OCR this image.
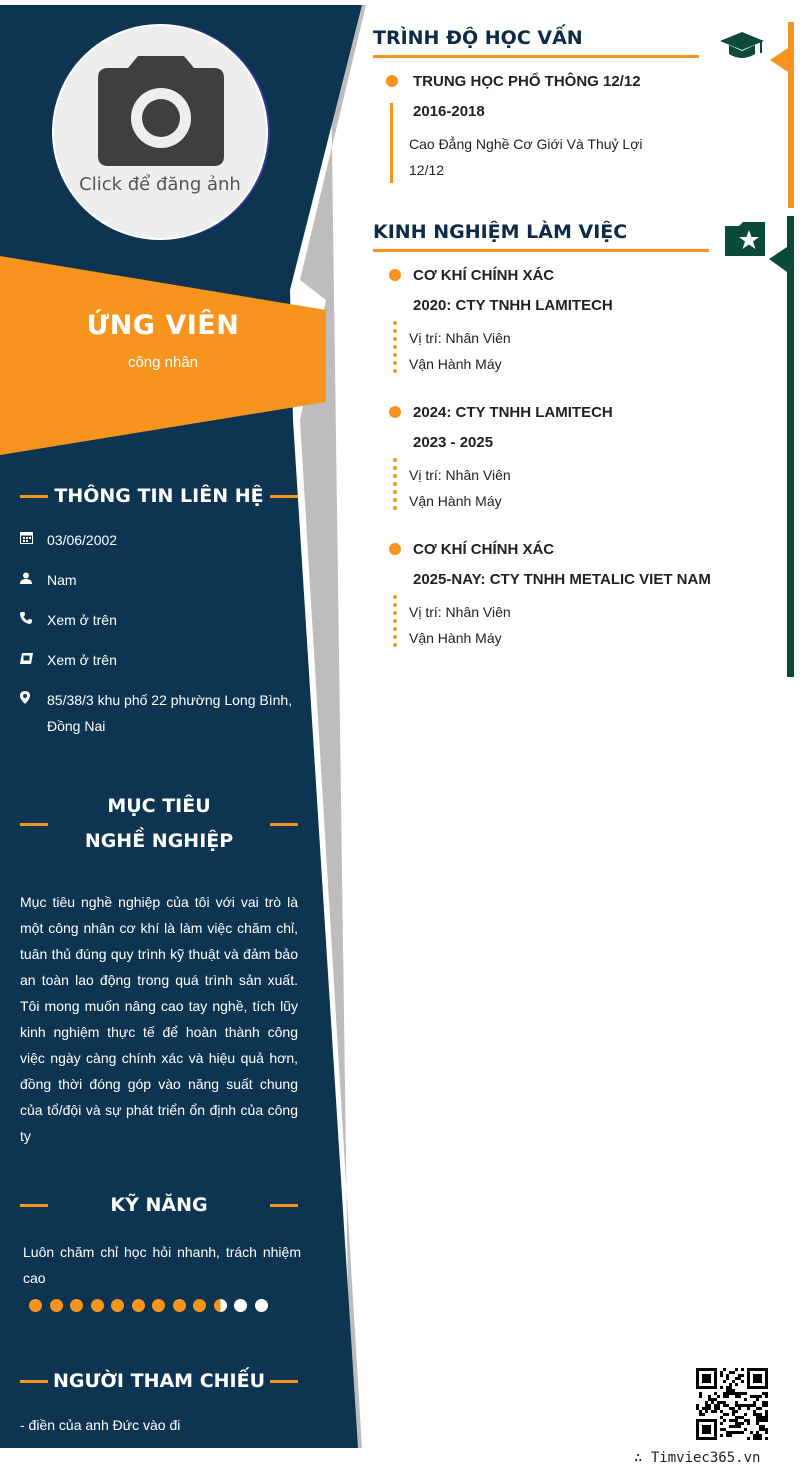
Click để đăng ảnh
ỨNG VIÊN
công nhân
THÔNG TIN LIÊN HỆ
03/06/2002
Nam
Xem ở trên
Xem ở trên
85/38/3 khu phố 22 phường Long Bình, Đồng Nai
MỤC TIÊU NGHỀ NGHIỆP
Mục tiêu nghề nghiệp của tôi với vai trò là một công nhân cơ khí là làm việc chăm chỉ, tuân thủ đúng quy trình kỹ thuật và đảm bảo an toàn lao động trong quá trình sản xuất. Tôi mong muốn nâng cao tay nghề, tích lũy kinh nghiệm thực tế để hoàn thành công việc ngày càng chính xác và hiệu quả hơn, đồng thời đóng góp vào năng suất chung của tổ/đội và sự phát triển ổn định của công ty
KỸ NĂNG
Luôn chăm chỉ học hỏi nhanh, trách nhiệm cao
NGƯỜI THAM CHIẾU
- điền của anh Đức vào đi
TRÌNH ĐỘ HỌC VẤN
TRUNG HỌC PHỔ THÔNG 12/12
2016-2018
Cao Đẳng Nghề Cơ Giới Và Thuỷ Lợi
12/12
KINH NGHIỆM LÀM VIỆC
CƠ KHÍ CHÍNH XÁC
2020: CTY TNHH LAMITECH
Vị trí: Nhân Viên
Vận Hành Máy
2024: CTY TNHH LAMITECH
2023 - 2025
Vị trí: Nhân Viên
Vận Hành Máy
CƠ KHÍ CHÍNH XÁC
2025-NAY: CTY TNHH METALIC VIET NAM
Vị trí: Nhân Viên
Vận Hành Máy
∴ Timviec365.vn
